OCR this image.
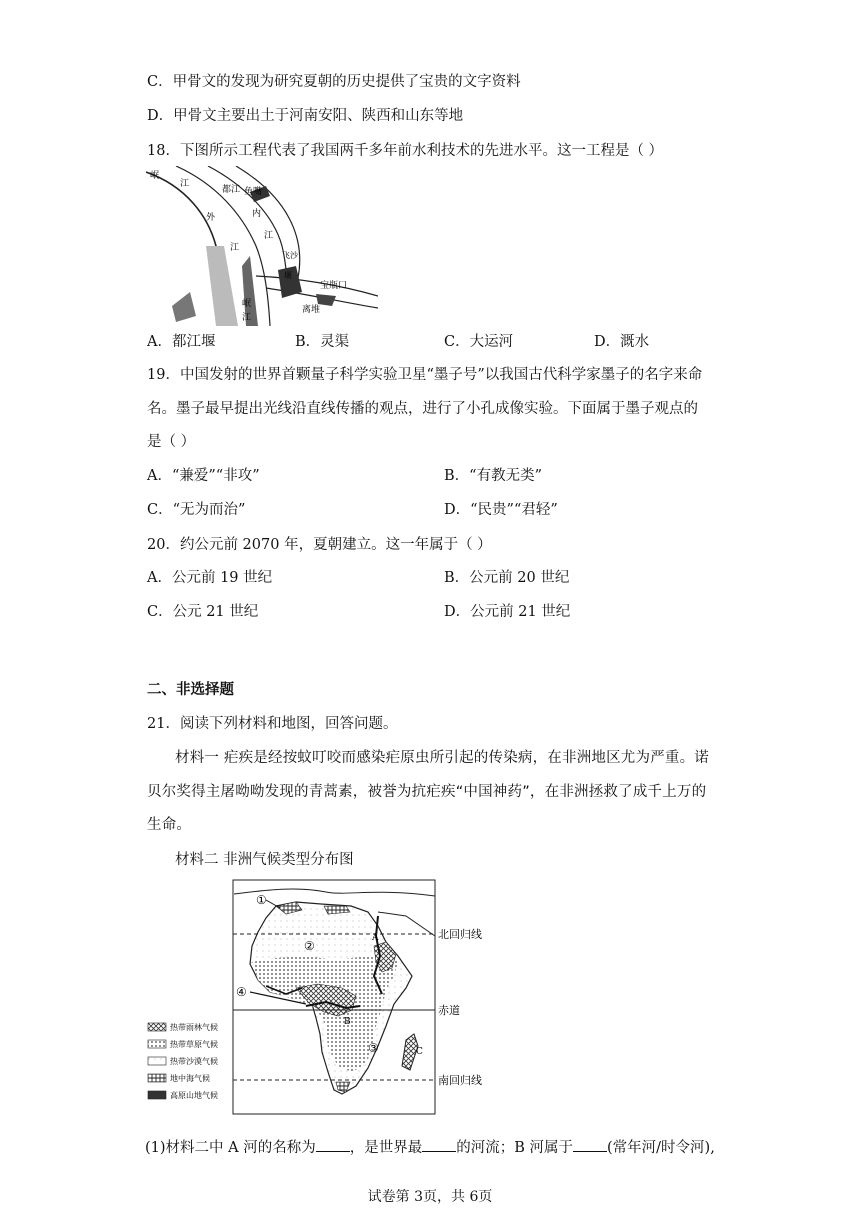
C．甲骨文的发现为研究夏朝的历史提供了宝贵的文字资料
D．甲骨文主要出土于河南安阳、陕西和山东等地
18．下图所示工程代表了我国两千多年前水利技术的先进水平。这一工程是（ ）
岷
江
都江 鱼嘴
内
外
江
江
飞沙
堰
宝瓶口
离堆
岷
江
A．都江堰	B．灵渠	C．大运河	D．溉水
19．中国发射的世界首颗量子科学实验卫星“墨子号”以我国古代科学家墨子的名字来命
名。墨子最早提出光线沿直线传播的观点，进行了小孔成像实验。下面属于墨子观点的
是（ ）
A．“兼爱”“非攻”	B．“有教无类”
C．“无为而治”	D．“民贵”“君轻”
20．约公元前 2070 年，夏朝建立。这一年属于（ ）
A．公元前 19 世纪	B．公元前 20 世纪
C．公元 21 世纪	D．公元前 21 世纪
二、非选择题
21．阅读下列材料和地图，回答问题。
材料一 疟疾是经按蚊叮咬而感染疟原虫所引起的传染病，在非洲地区尤为严重。诺贝尔奖得主屠呦呦发现的青蒿素，被誉为抗疟疾“中国神药”，在非洲拯救了成千上万的生命。
材料二 非洲气候类型分布图
北回归线
赤道
南回归线
①
②
③
④
A
B
C
热带雨林气候
热带草原气候
热带沙漠气候
地中海气候
高原山地气候
(1)材料二中 A 河的名称为 ，是世界最 的河流；B 河属于 (常年河/时令河),
试卷第 3页，共 6页
